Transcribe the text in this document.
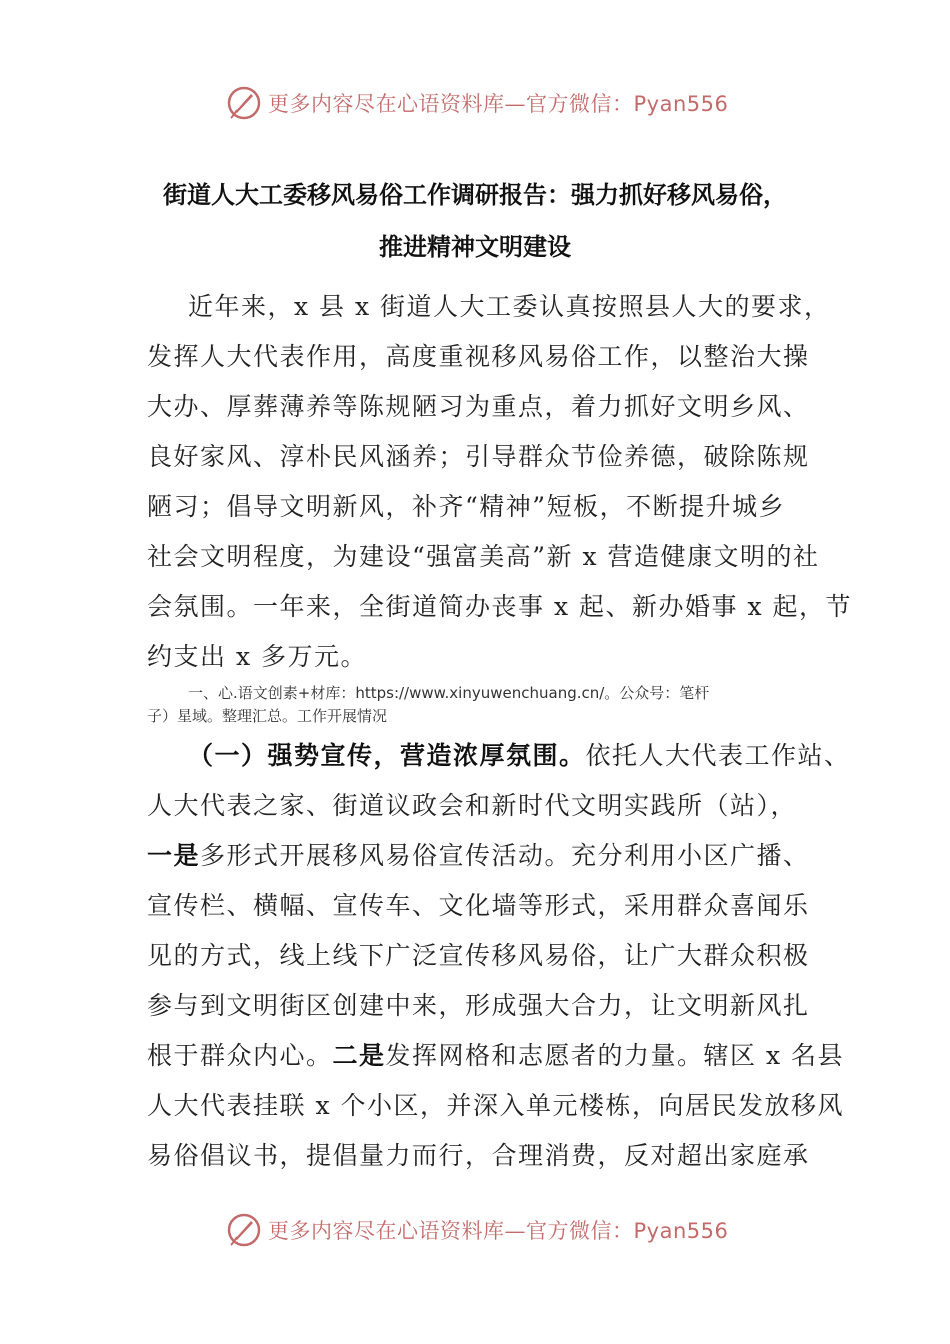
更多内容尽在心语资料库—官方微信：Pyan556
街道人大工委移风易俗工作调研报告：强力抓好移风易俗，
推进精神文明建设
近年来，x 县 x 街道人大工委认真按照县人大的要求，
发挥人大代表作用，高度重视移风易俗工作，以整治大操
大办、厚葬薄养等陈规陋习为重点，着力抓好文明乡风、
良好家风、淳朴民风涵养；引导群众节俭养德，破除陈规
陋习；倡导文明新风，补齐“精神”短板，不断提升城乡
社会文明程度，为建设“强富美高”新 x 营造健康文明的社
会氛围。一年来，全街道简办丧事 x 起、新办婚事 x 起，节
约支出 x 多万元。
一、心.语文创素+材库：https://www.xinyuwenchuang.cn/。公众号：笔杆
子）星域。整理汇总。工作开展情况
（一）强势宣传，营造浓厚氛围。依托人大代表工作站、
人大代表之家、街道议政会和新时代文明实践所（站），
一是多形式开展移风易俗宣传活动。充分利用小区广播、
宣传栏、横幅、宣传车、文化墙等形式，采用群众喜闻乐
见的方式，线上线下广泛宣传移风易俗，让广大群众积极
参与到文明街区创建中来，形成强大合力，让文明新风扎
根于群众内心。二是发挥网格和志愿者的力量。辖区 x 名县
人大代表挂联 x 个小区，并深入单元楼栋，向居民发放移风
易俗倡议书，提倡量力而行，合理消费，反对超出家庭承
更多内容尽在心语资料库—官方微信：Pyan556
